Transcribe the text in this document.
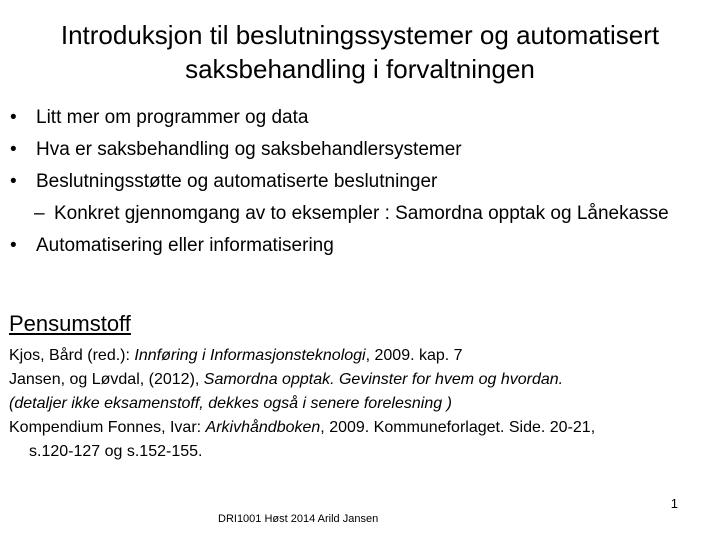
Introduksjon til beslutningssystemer og automatisert
saksbehandling i forvaltningen
• Litt mer om programmer og data
• Hva er saksbehandling og saksbehandlersystemer
• Beslutningsstøtte og automatiserte beslutninger
– Konkret gjennomgang av to eksempler : Samordna opptak og Lånekasse
• Automatisering eller informatisering
Pensumstoff

Kjos, Bård (red.): Innføring i Informasjonsteknologi, 2009. kap. 7

Jansen, og Løvdal, (2012), Samordna opptak. Gevinster for hvem og hvordan.

(detaljer ikke eksamenstoff, dekkes også i senere forelesning )

Kompendium Fonnes, Ivar: Arkivhåndboken, 2009. Kommuneforlaget. Side. 20-21,

s.120-127 og s.152-155.

1
DRI1001 Høst 2014 Arild Jansen
